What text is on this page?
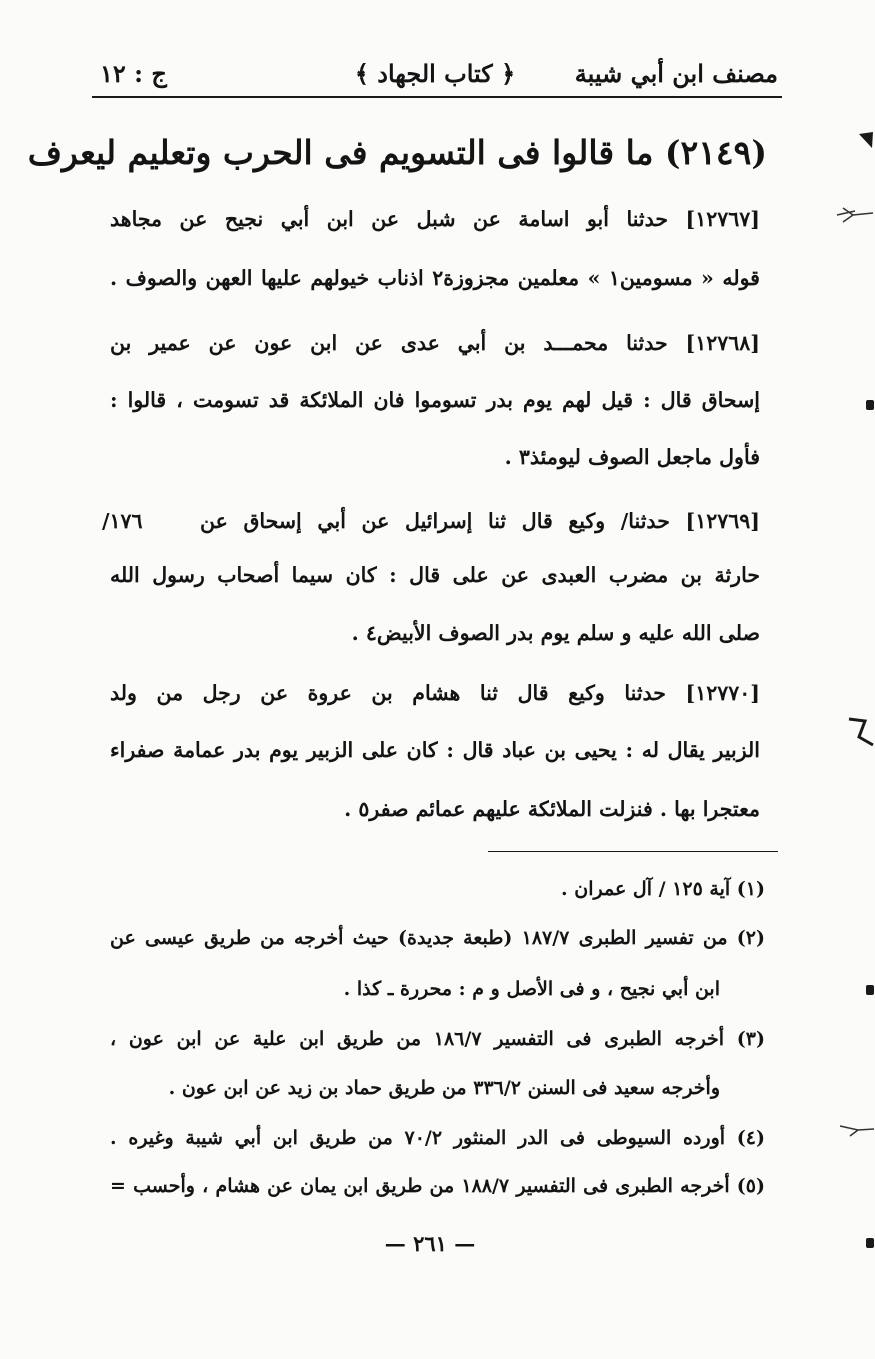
مصنف ابن أبي شيبة
﴿ كتاب الجهاد ﴾
ج : ١٢
(٢١٤٩) ما قالوا فى التسويم فى الحرب وتعليم ليعرف
[١٢٧٦٧] حدثنا أبو اسامة عن شبل عن ابن أبي نجيح عن مجاهد
قوله « مسومين١ » معلمين مجزوزة٢ اذناب خيولهم عليها العهن والصوف .
[١٢٧٦٨] حدثنا محمـــد بن أبي عدى عن ابن عون عن عمير بن
إسحاق قال : قيل لهم يوم بدر تسوموا فان الملائكة قد تسومت ، قالوا :
فأول ماجعل الصوف ليومئذ٣ .
١٧٦/	[١٢٧٦٩] حدثنا/ وكيع قال ثنا إسرائيل عن أبي إسحاق عن
حارثة بن مضرب العبدى عن على قال : كان سيما أصحاب رسول الله
صلى الله عليه و سلم يوم بدر الصوف الأبيض٤ .
[١٢٧٧٠] حدثنا وكيع قال ثنا هشام بن عروة عن رجل من ولد
الزبير يقال له : يحيى بن عباد قال : كان على الزبير يوم بدر عمامة صفراء
معتجرا بها . فنزلت الملائكة عليهم عمائم صفر٥ .
(١) آية ١٢٥ / آل عمران .
(٢) من تفسير الطبرى ١٨٧/٧ (طبعة جديدة) حيث أخرجه من طريق عيسى عن
ابن أبي نجيح ، و فى الأصل و م : محررة ـ كذا .
(٣) أخرجه الطبرى فى التفسير ١٨٦/٧ من طريق ابن علية عن ابن عون ،
وأخرجه سعيد فى السنن ٣٣٦/٢ من طريق حماد بن زيد عن ابن عون .
(٤) أورده السيوطى فى الدر المنثور ٧٠/٢ من طريق ابن أبي شيبة وغيره .
(٥) أخرجه الطبرى فى التفسير ١٨٨/٧ من طريق ابن يمان عن هشام ، وأحسب =
— ٢٦١ —
